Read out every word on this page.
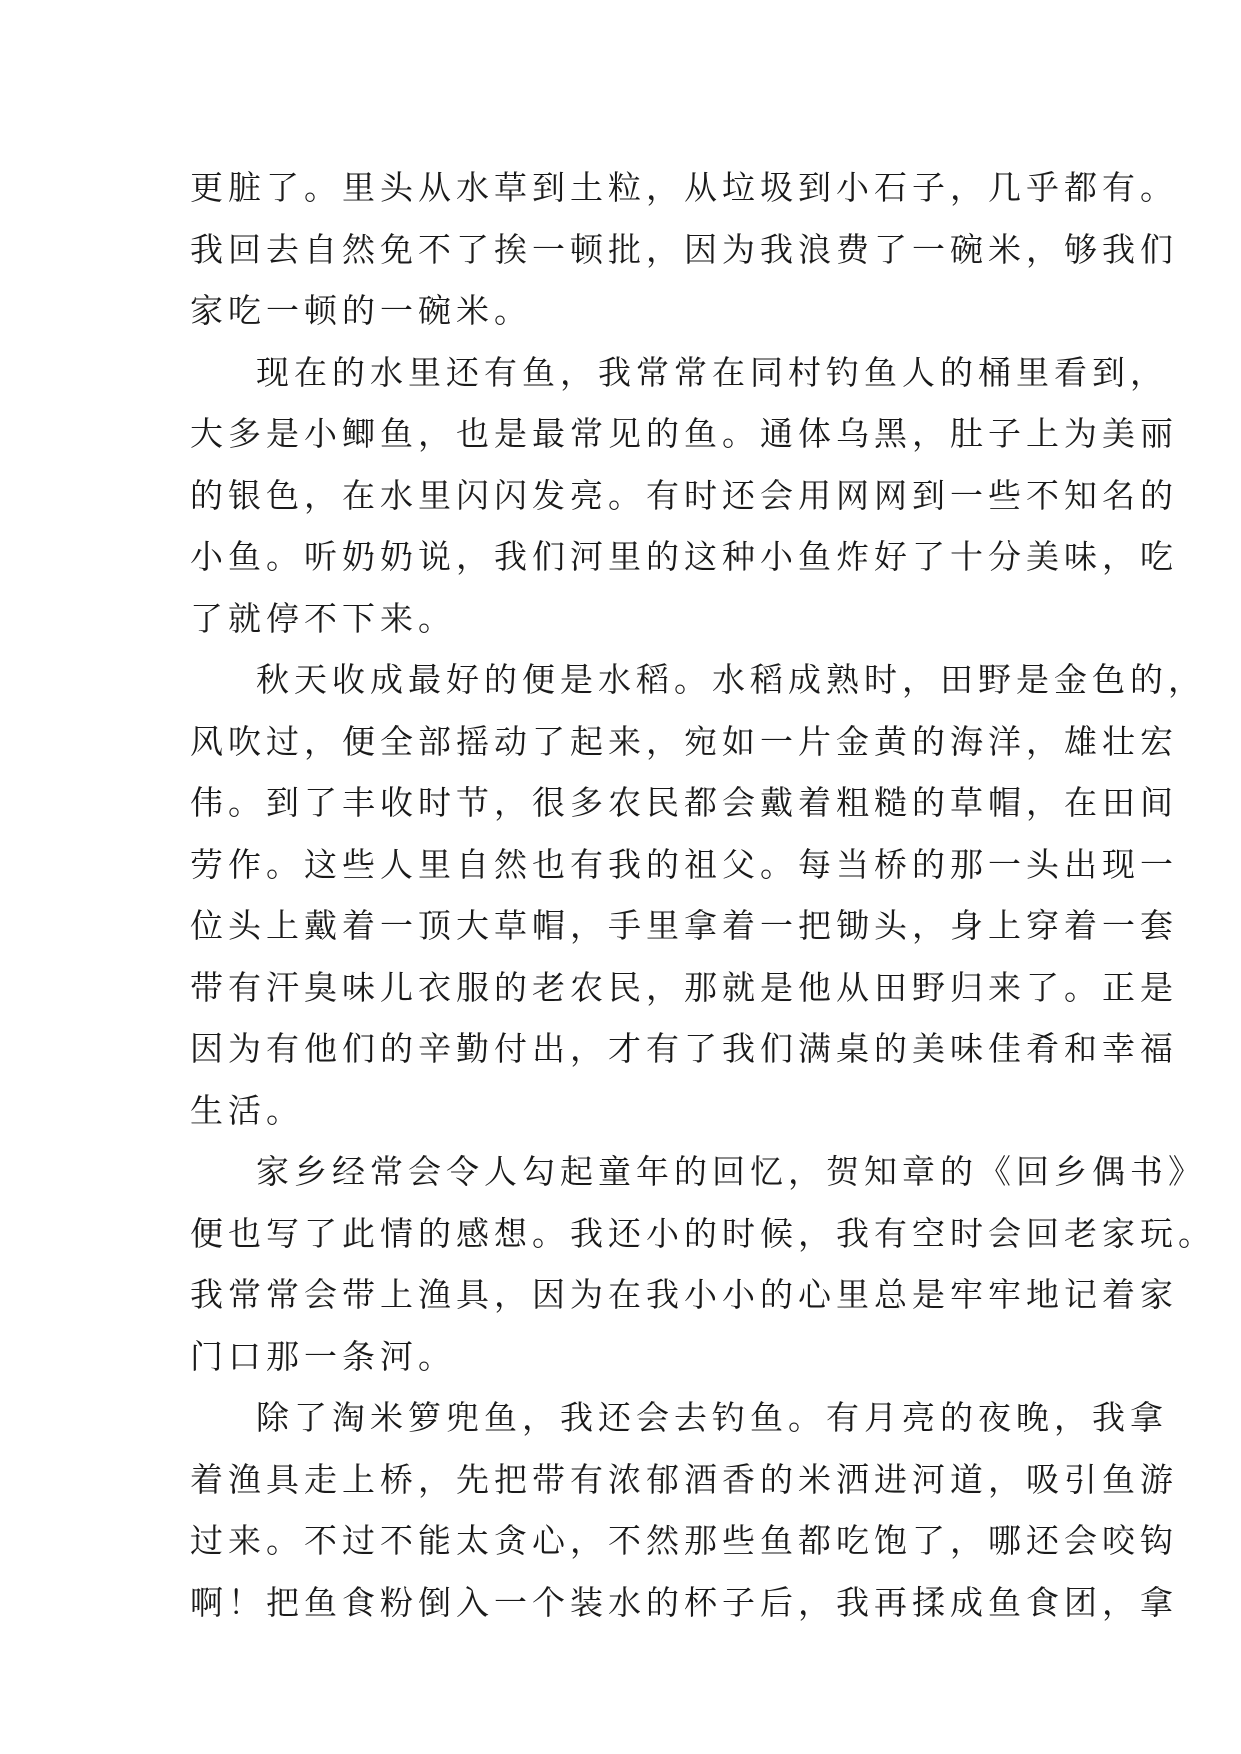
更脏了。里头从水草到土粒，从垃圾到小石子，几乎都有。
我回去自然免不了挨一顿批，因为我浪费了一碗米，够我们
家吃一顿的一碗米。
现在的水里还有鱼，我常常在同村钓鱼人的桶里看到，
大多是小鲫鱼，也是最常见的鱼。通体乌黑，肚子上为美丽
的银色，在水里闪闪发亮。有时还会用网网到一些不知名的
小鱼。听奶奶说，我们河里的这种小鱼炸好了十分美味，吃
了就停不下来。
秋天收成最好的便是水稻。水稻成熟时，田野是金色的，
风吹过，便全部摇动了起来，宛如一片金黄的海洋，雄壮宏
伟。到了丰收时节，很多农民都会戴着粗糙的草帽，在田间
劳作。这些人里自然也有我的祖父。每当桥的那一头出现一
位头上戴着一顶大草帽，手里拿着一把锄头，身上穿着一套
带有汗臭味儿衣服的老农民，那就是他从田野归来了。正是
因为有他们的辛勤付出，才有了我们满桌的美味佳肴和幸福
生活。
家乡经常会令人勾起童年的回忆，贺知章的《回乡偶书》
便也写了此情的感想。我还小的时候，我有空时会回老家玩。
我常常会带上渔具，因为在我小小的心里总是牢牢地记着家
门口那一条河。
除了淘米箩兜鱼，我还会去钓鱼。有月亮的夜晚，我拿
着渔具走上桥，先把带有浓郁酒香的米洒进河道，吸引鱼游
过来。不过不能太贪心，不然那些鱼都吃饱了，哪还会咬钩
啊！把鱼食粉倒入一个装水的杯子后，我再揉成鱼食团，拿
